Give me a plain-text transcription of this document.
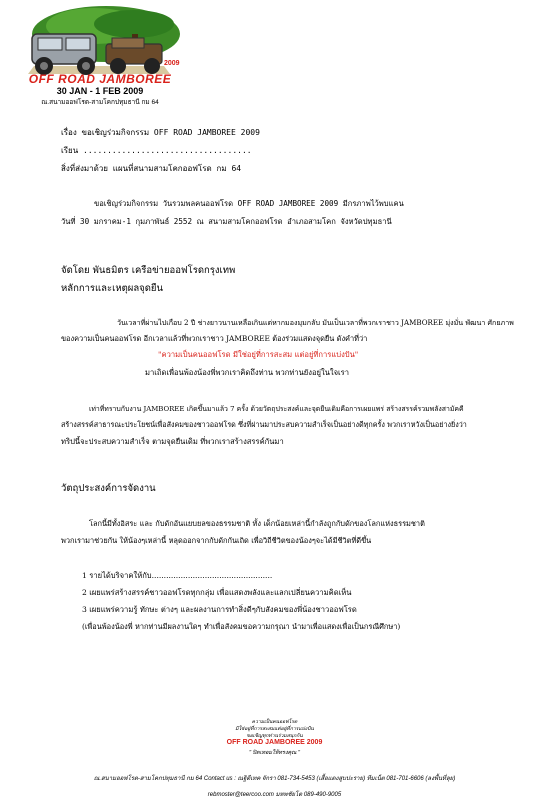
2009
OFF ROAD JAMBOREE
30 JAN - 1 FEB 2009
ณ.สนามออฟโรด-สามโคกปทุมธานี กม 64
เรื่อง ขอเชิญร่วมกิจกรรม OFF ROAD JAMBOREE 2009
เรียน ...................................
สิ่งที่ส่งมาด้วย แผนที่สนามสามโคกออฟโรด กม 64
ขอเชิญร่วมกิจกรรม วันรวมพลคนออฟโรด OFF ROAD JAMBOREE 2009 มีกรภาพไว้พบแคน
วันที่ 30 มกราคม-1 กุมภาพันธ์ 2552 ณ สนามสามโคกออฟโรด อำเภอสามโคก จังหวัดปทุมธานี
จัดโดย พันธมิตร เครือข่ายออฟโรดกรุงเทพ
หลักการและเหตุผลจุดยืน
วันเวลาที่ผ่านไปเกือบ 2 ปี ช่างยาวนานเหลือเกินแต่หากมองมุมกลับ มันเป็นเวลาที่พวกเราชาว JAMBOREE มุ่งมั่น พัฒนา ศักยภาพ
ของความเป็นคนออฟโรด อีกเวลาแล้วที่พวกเราชาว JAMBOREE ต้องร่วมแสดงจุดยืน ดังคำที่ว่า
"ความเป็นคนออฟโรด มีใช่อยู่ที่การสะสม แต่อยู่ที่การแบ่งปัน"
มาเถิดเพื่อนพ้องน้องพี่พวกเราคิดถึงท่าน พวกท่านยังอยู่ในใจเรา
เท่าที่ทราบกับงาน JAMBOREE เกิดขึ้นมาแล้ว 7 ครั้ง ด้วยวัตถุประสงค์และจุดยืนเดิมคือการเผยแพร่ สร้างสรรค์รวมพลังสามัคคี
สร้างสรรค์สาธารณะประโยชน์เพื่อสังคมของชาวออฟโรด ซึ่งที่ผ่านมาประสบความสำเร็จเป็นอย่างดีทุกครั้ง พวกเราหวังเป็นอย่างยิ่งว่า
ทริปนี้จะประสบความสำเร็จ ตามจุดยืนเดิม ที่พวกเราสร้างสรรค์กันมา
วัตถุประสงค์การจัดงาน
โลกนี้มีทั้งอิสระ และ กับดักอันแยบยลของธรรมชาติ ทั้ง เด็กน้อยเหล่านี้กำลังถูกกับดักของโลกแห่งธรรมชาติ
พวกเรามาช่วยกัน ให้น้องๆเหล่านี้ หลุดออกจากกับดักกันเถิด เพื่อวิถีชีวิตของน้องๆจะได้มีชีวิตที่ดีขึ้น
1 รายได้บริจาคให้กับ..................................................
2 เผยแพร่สร้างสรรค์ชาวออฟโรดทุกกลุ่ม เพื่อแสดงพลังและแลกเปลี่ยนความคิดเห็น
3 เผยแพร่ความรู้ ทักษะ ต่างๆ และผลงานการทำสิ่งดีๆกับสังคมของพี่น้องชาวออฟโรด
(เพื่อนพ้องน้องพี่ หากท่านมีผลงานใดๆ ทำเพื่อสังคมขอความกรุณา นำมาเพื่อแสดงเพื่อเป็นกรณีศึกษา)
ความเป็นคนออฟโรด
มิใช่อยู่ที่การสะสมแต่อยู่ที่การแบ่งปัน
ขอเชิญทุกท่านร่วมสนุกกัน
OFF ROAD JAMBOREE 2009
" ปิดเทอมให้ทรงคุณ "
ณ.สนามออฟโรด-สามโคกปทุมธานี กม 64 Contact us : ณฐิดีเทค จักรา 081-734-5453 (เสื้อแดงสูบปะราย) ทีมเน็ต 081-701-6606 (ลงพื้นที่ลุย)
rebmoster@teercoo.com มหพชัยโต 089-490-9005
